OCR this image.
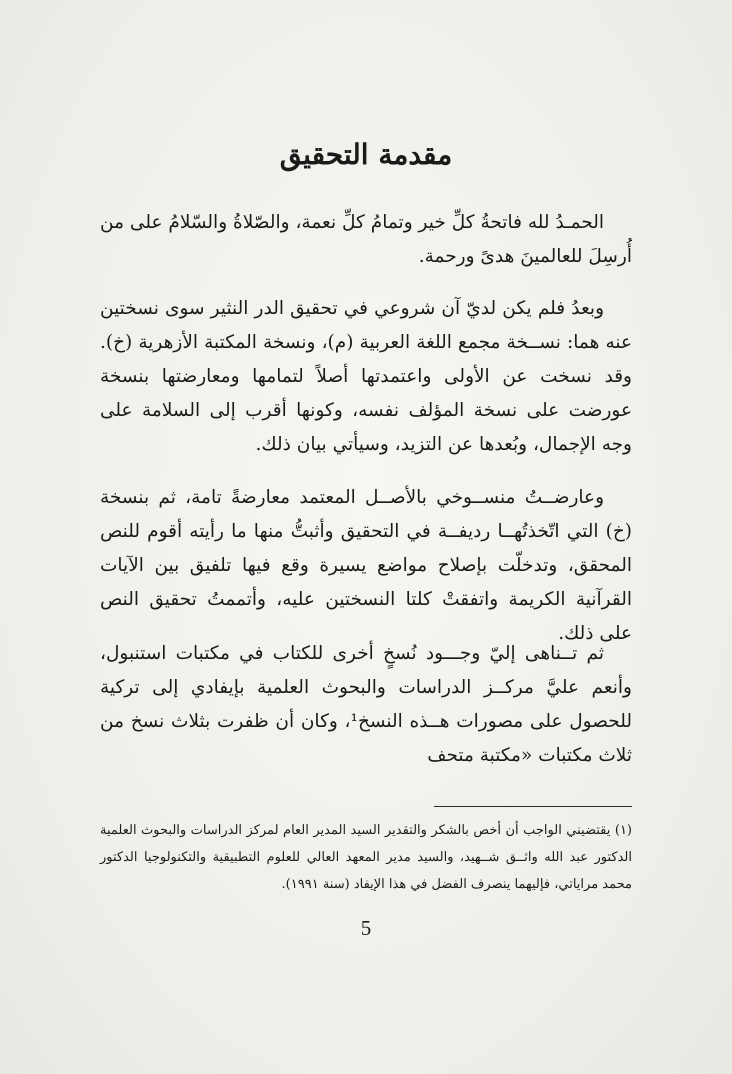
مقدمة التحقيق

الحمـدُ لله فاتحةُ كلِّ خير وتمامُ كلِّ نعمة، والصّلاةُ والسّلامُ على من أُرسِلَ للعالمينَ هدىً ورحمة.

وبعدُ فلم يكن لديّ آن شروعي في تحقيق الدر النثير سوى نسختين عنه هما: نســخة مجمع اللغة العربية (م)، ونسخة المكتبة الأزهرية (خ). وقد نسخت عن الأولى واعتمدتها أصلاً لتمامها ومعارضتها بنسخة عورضت على نسخة المؤلف نفسه، وكونها أقرب إلى السلامة على وجه الإجمال، وبُعدها عن التزيد، وسيأتي بيان ذلك.

وعارضــتُ منســوخي بالأصــل المعتمد معارضةً تامة، ثم بنسخة (خ) التي اتّخذتُهــا رديفــة في التحقيق وأثبتُّ منها ما رأيته أقوم للنص المحقق، وتدخلّت بإصلاح مواضع يسيرة وقع فيها تلفيق بين الآيات القرآنية الكريمة واتفقتْ كلتا النسختين عليه، وأتممتُ تحقيق النص على ذلك.

ثم تــناهى إليّ وجـــود نُسخٍ أخرى للكتاب في مكتبات استنبول، وأنعم عليَّ مركــز الدراسات والبحوث العلمية بإيفادي إلى تركية للحصول على مصورات هــذه النسخ¹، وكان أن ظفرت بثلاث نسخ من ثلاث مكتبات «مكتبة متحف

(١) يقتضيني الواجب أن أخص بالشكر والتقدير السيد المدير العام لمركز الدراسات والبحوث العلمية الدكتور عبد الله واثــق شــهيد، والسيد مدير المعهد العالي للعلوم التطبيقية والتكنولوجيا الدكتور محمد مراياتي، فإليهما ينصرف الفضل في هذا الإيفاد (سنة ١٩٩١).

5
